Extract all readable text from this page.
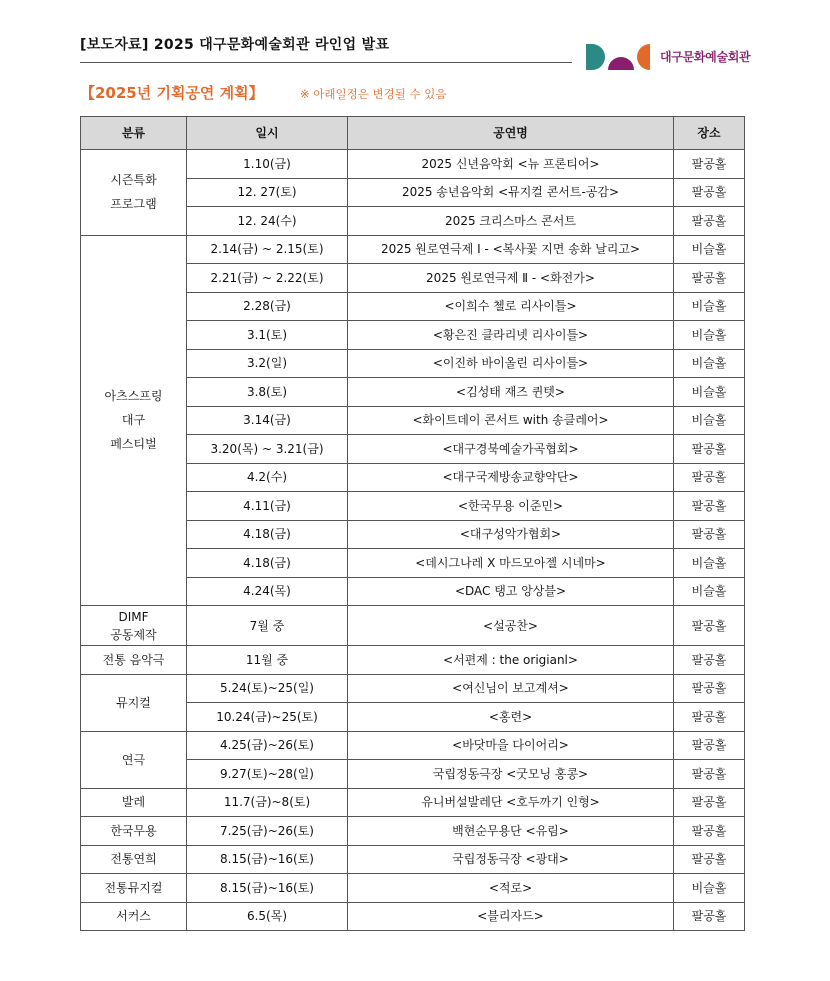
[보도자료] 2025 대구문화예술회관 라인업 발표
대구문화예술회관
【2025년 기획공연 계획】	※ 아래일정은 변경될 수 있음
분류	일시	공연명	장소

시즌특화
프로그램	1.10(금)	2025 신년음악회 <뉴 프론티어>	팔공홀
	12. 27(토)	2025 송년음악회 <뮤지컬 콘서트-공감>	팔공홀
	12. 24(수)	2025 크리스마스 콘서트	팔공홀

아츠스프링
대구
페스티벌	2.14(금) ~ 2.15(토)	2025 원로연극제 Ⅰ - <복사꽃 지면 송화 날리고>	비슬홀
	2.21(금) ~ 2.22(토)	2025 원로연극제 Ⅱ - <화전가>	팔공홀
	2.28(금)	<이희수 첼로 리사이틀>	비슬홀
	3.1(토)	<황은진 클라리넷 리사이틀>	비슬홀
	3.2(일)	<이진하 바이올린 리사이틀>	비슬홀
	3.8(토)	<김성태 재즈 퀸텟>	비슬홀
	3.14(금)	<화이트데이 콘서트 with 송클레어>	비슬홀
	3.20(목) ~ 3.21(금)	<대구경북예술가곡협회>	팔공홀
	4.2(수)	<대구국제방송교향악단>	팔공홀
	4.11(금)	<한국무용 이준민>	팔공홀
	4.18(금)	<대구성악가협회>	팔공홀
	4.18(금)	<데시그나레 X 마드모아젤 시네마>	비슬홀
	4.24(목)	<DAC 탱고 앙상블>	비슬홀

DIMF
공동제작	7월 중	<설공찬>	팔공홀

전통 음악극	11월 중	<서편제 : the origianl>	팔공홀

뮤지컬	5.24(토)~25(일)	<여신님이 보고계셔>	팔공홀
	10.24(금)~25(토)	<홍련>	팔공홀

연극	4.25(금)~26(토)	<바닷마을 다이어리>	팔공홀
	9.27(토)~28(일)	국립정동극장 <굿모닝 홍콩>	팔공홀

발레	11.7(금)~8(토)	유니버설발레단 <호두까기 인형>	팔공홀

한국무용	7.25(금)~26(토)	백현순무용단 <유림>	팔공홀

전통연희	8.15(금)~16(토)	국립정동극장 <광대>	팔공홀

전통뮤지컬	8.15(금)~16(토)	<적로>	비슬홀

서커스	6.5(목)	<블리자드>	팔공홀
